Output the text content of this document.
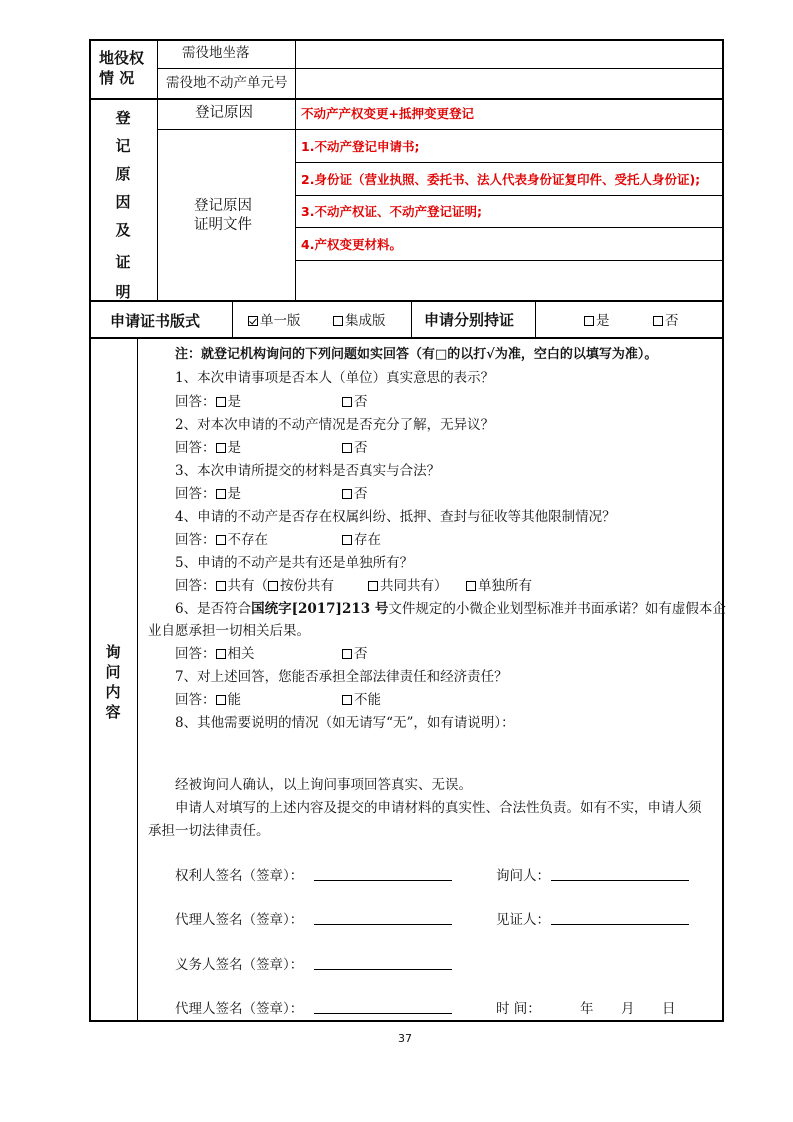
地役权
情 况
需役地坐落
需役地不动产单元号
登
记
原
因
及
证
明
登记原因	不动产产权变更+抵押变更登记
登记原因
证明文件
1.不动产登记申请书;
2.身份证（营业执照、委托书、法人代表身份证复印件、受托人身份证);
3.不动产权证、不动产登记证明;
4.产权变更材料。
申请证书版式	单一版	集成版	申请分别持证	是	否
询
问
内
容
注：就登记机构询问的下列问题如实回答（有□的以打√为准，空白的以填写为准）。
1、本次申请事项是否本人（单位）真实意思的表示？
回答： 是	否
2、对本次申请的不动产情况是否充分了解，无异议？
回答： 是	否
3、本次申请所提交的材料是否真实与合法？
回答： 是	否
4、申请的不动产是否存在权属纠纷、抵押、查封与征收等其他限制情况？
回答： 不存在	存在
5、申请的不动产是共有还是单独所有？
回答： 共有（ 按份共有	共同共有）	单独所有
6、是否符合国统字[2017]213 号文件规定的小微企业划型标准并书面承诺？如有虚假本企
业自愿承担一切相关后果。
回答： 相关	否
7、对上述回答，您能否承担全部法律责任和经济责任？
回答： 能	不能
8、其他需要说明的情况（如无请写“无”，如有请说明）：
经被询问人确认，以上询问事项回答真实、无误。
申请人对填写的上述内容及提交的申请材料的真实性、合法性负责。如有不实，申请人须
承担一切法律责任。
权利人签名（签章）：	询问人：
代理人签名（签章）：	见证人：
义务人签名（签章）：
代理人签名（签章）：	时 间：	年 月 日
37
